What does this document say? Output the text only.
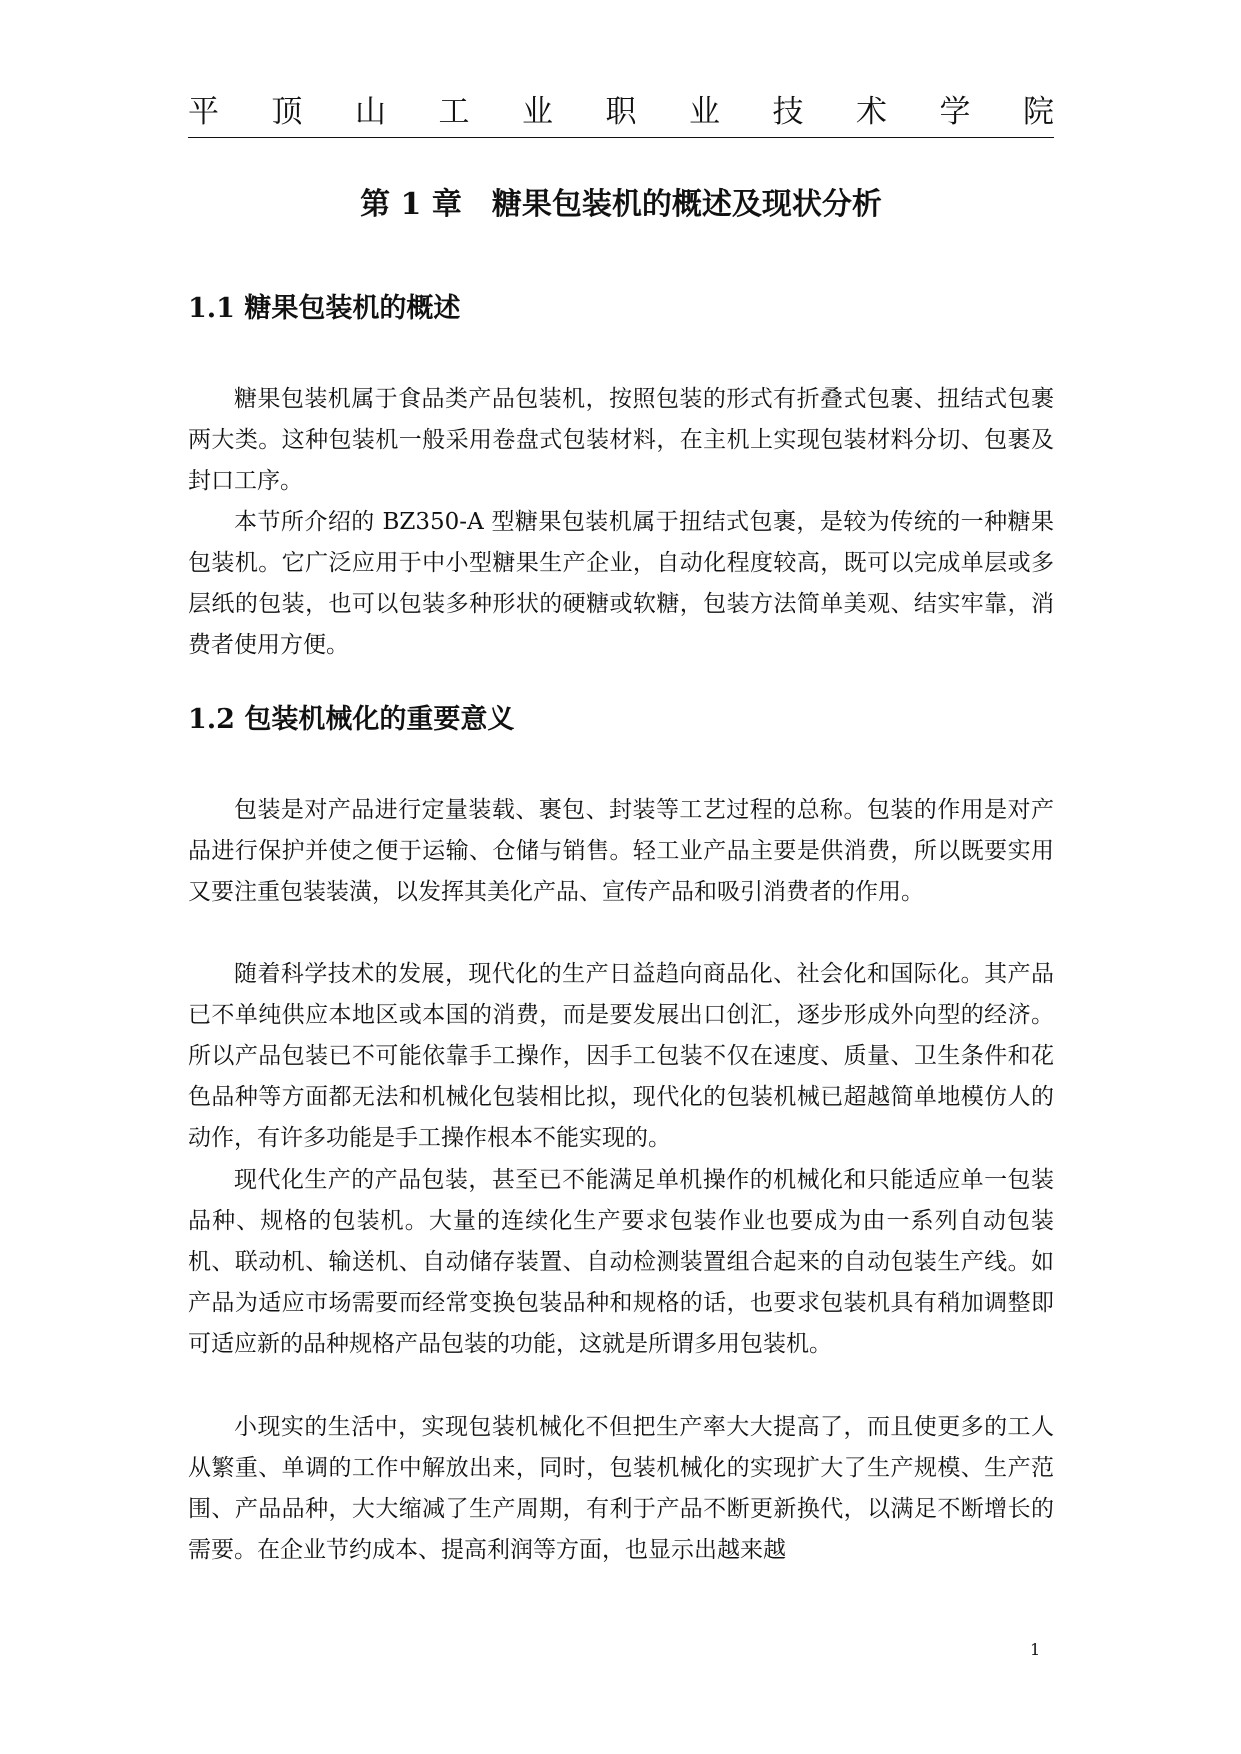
平 顶 山 工 业 职 业 技 术 学 院
第 1 章　糖果包装机的概述及现状分析
1.1 糖果包装机的概述

糖果包装机属于食品类产品包装机，按照包装的形式有折叠式包裹、扭结式包裹两大类。这种包装机一般采用卷盘式包装材料，在主机上实现包装材料分切、包裹及封口工序。

本节所介绍的 BZ350-A 型糖果包装机属于扭结式包裹，是较为传统的一种糖果包装机。它广泛应用于中小型糖果生产企业，自动化程度较高，既可以完成单层或多层纸的包装，也可以包装多种形状的硬糖或软糖，包装方法简单美观、结实牢靠，消费者使用方便。

1.2 包装机械化的重要意义

包装是对产品进行定量装载、裹包、封装等工艺过程的总称。包装的作用是对产品进行保护并使之便于运输、仓储与销售。轻工业产品主要是供消费，所以既要实用又要注重包装装潢，以发挥其美化产品、宣传产品和吸引消费者的作用。

随着科学技术的发展，现代化的生产日益趋向商品化、社会化和国际化。其产品已不单纯供应本地区或本国的消费，而是要发展出口创汇，逐步形成外向型的经济。所以产品包装已不可能依靠手工操作，因手工包装不仅在速度、质量、卫生条件和花色品种等方面都无法和机械化包装相比拟，现代化的包装机械已超越简单地模仿人的动作，有许多功能是手工操作根本不能实现的。

现代化生产的产品包装，甚至已不能满足单机操作的机械化和只能适应单一包装品种、规格的包装机。大量的连续化生产要求包装作业也要成为由一系列自动包装机、联动机、输送机、自动储存装置、自动检测装置组合起来的自动包装生产线。如产品为适应市场需要而经常变换包装品种和规格的话，也要求包装机具有稍加调整即可适应新的品种规格产品包装的功能，这就是所谓多用包装机。

小现实的生活中，实现包装机械化不但把生产率大大提高了，而且使更多的工人从繁重、单调的工作中解放出来，同时，包装机械化的实现扩大了生产规模、生产范围、产品品种，大大缩减了生产周期，有利于产品不断更新换代，以满足不断增长的需要。在企业节约成本、提高利润等方面，也显示出越来越

1
